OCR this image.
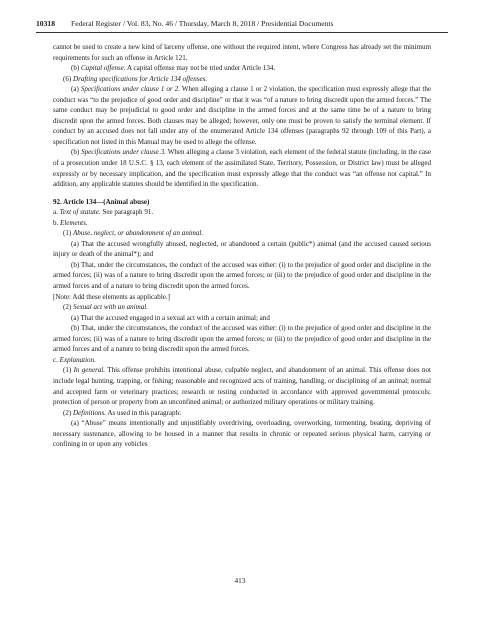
10318 Federal Register / Vol. 83, No. 46 / Thursday, March 8, 2018 / Presidential Documents

cannot be used to create a new kind of larceny offense, one without the required intent, where Congress has already set the minimum requirements for such an offense in Article 121.

(b) Capital offense. A capital offense may not be tried under Article 134.

(6) Drafting specifications for Article 134 offenses.

(a) Specifications under clause 1 or 2. When alleging a clause 1 or 2 violation, the specification must expressly allege that the conduct was “to the prejudice of good order and discipline” or that it was “of a nature to bring discredit upon the armed forces.” The same conduct may be prejudicial to good order and discipline in the armed forces and at the same time be of a nature to bring discredit upon the armed forces. Both clauses may be alleged; however, only one must be proven to satisfy the terminal element. If conduct by an accused does not fall under any of the enumerated Article 134 offenses (paragraphs 92 through 109 of this Part), a specification not listed in this Manual may be used to allege the offense.

(b) Specifications under clause 3. When alleging a clause 3 violation, each element of the federal statute (including, in the case of a prosecution under 18 U.S.C. § 13, each element of the assimilated State, Territory, Possession, or District law) must be alleged expressly or by necessary implication, and the specification must expressly allege that the conduct was “an offense not capital.” In addition, any applicable statutes should be identified in the specification.

92. Article 134—(Animal abuse)

a. Text of statute. See paragraph 91.

b. Elements.

(1) Abuse, neglect, or abandonment of an animal.

(a) That the accused wrongfully abused, neglected, or abandoned a certain (public*) animal (and the accused caused serious injury or death of the animal*); and

(b) That, under the circumstances, the conduct of the accused was either: (i) to the prejudice of good order and discipline in the armed forces; (ii) was of a nature to bring discredit upon the armed forces; or (iii) to the prejudice of good order and discipline in the armed forces and of a nature to bring discredit upon the armed forces.

[Note: Add these elements as applicable.]

(2) Sexual act with an animal.

(a) That the accused engaged in a sexual act with a certain animal; and

(b) That, under the circumstances, the conduct of the accused was either: (i) to the prejudice of good order and discipline in the armed forces; (ii) was of a nature to bring discredit upon the armed forces; or (iii) to the prejudice of good order and discipline in the armed forces and of a nature to bring discredit upon the armed forces.

c. Explanation.

(1) In general. This offense prohibits intentional abuse, culpable neglect, and abandonment of an animal. This offense does not include legal hunting, trapping, or fishing; reasonable and recognized acts of training, handling, or disciplining of an animal; normal and accepted farm or veterinary practices; research or testing conducted in accordance with approved governmental protocols; protection of person or property from an unconfined animal; or authorized military operations or military training.

(2) Definitions. As used in this paragraph:

(a) “Abuse” means intentionally and unjustifiably overdriving, overloading, overworking, tormenting, beating, depriving of necessary sustenance, allowing to be housed in a manner that results in chronic or repeated serious physical harm, carrying or confining in or upon any vehicles

413
